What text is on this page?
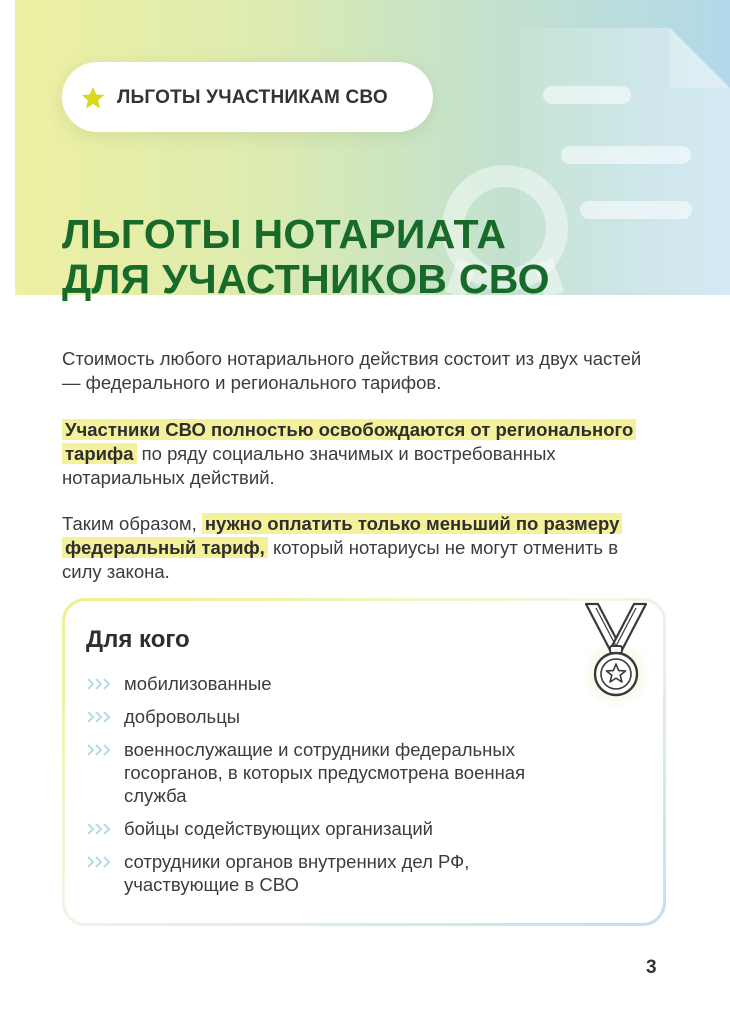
ЛЬГОТЫ УЧАСТНИКАМ СВО
ЛЬГОТЫ НОТАРИАТА
ДЛЯ УЧАСТНИКОВ СВО

Стоимость любого нотариального действия состоит из двух частей — федерального и регионального тарифов.

Участники СВО полностью освобождаются от регионального тарифа по ряду социально значимых и востребованных нотариальных действий.

Таким образом, нужно оплатить только меньший по размеру федеральный тариф, который нотариусы не могут отменить в силу закона.

Для кого
мобилизованные
добровольцы
военнослужащие и сотрудники федеральных госорганов, в которых предусмотрена военная служба
бойцы содействующих организаций
сотрудники органов внутренних дел РФ, участвующие в СВО
3
